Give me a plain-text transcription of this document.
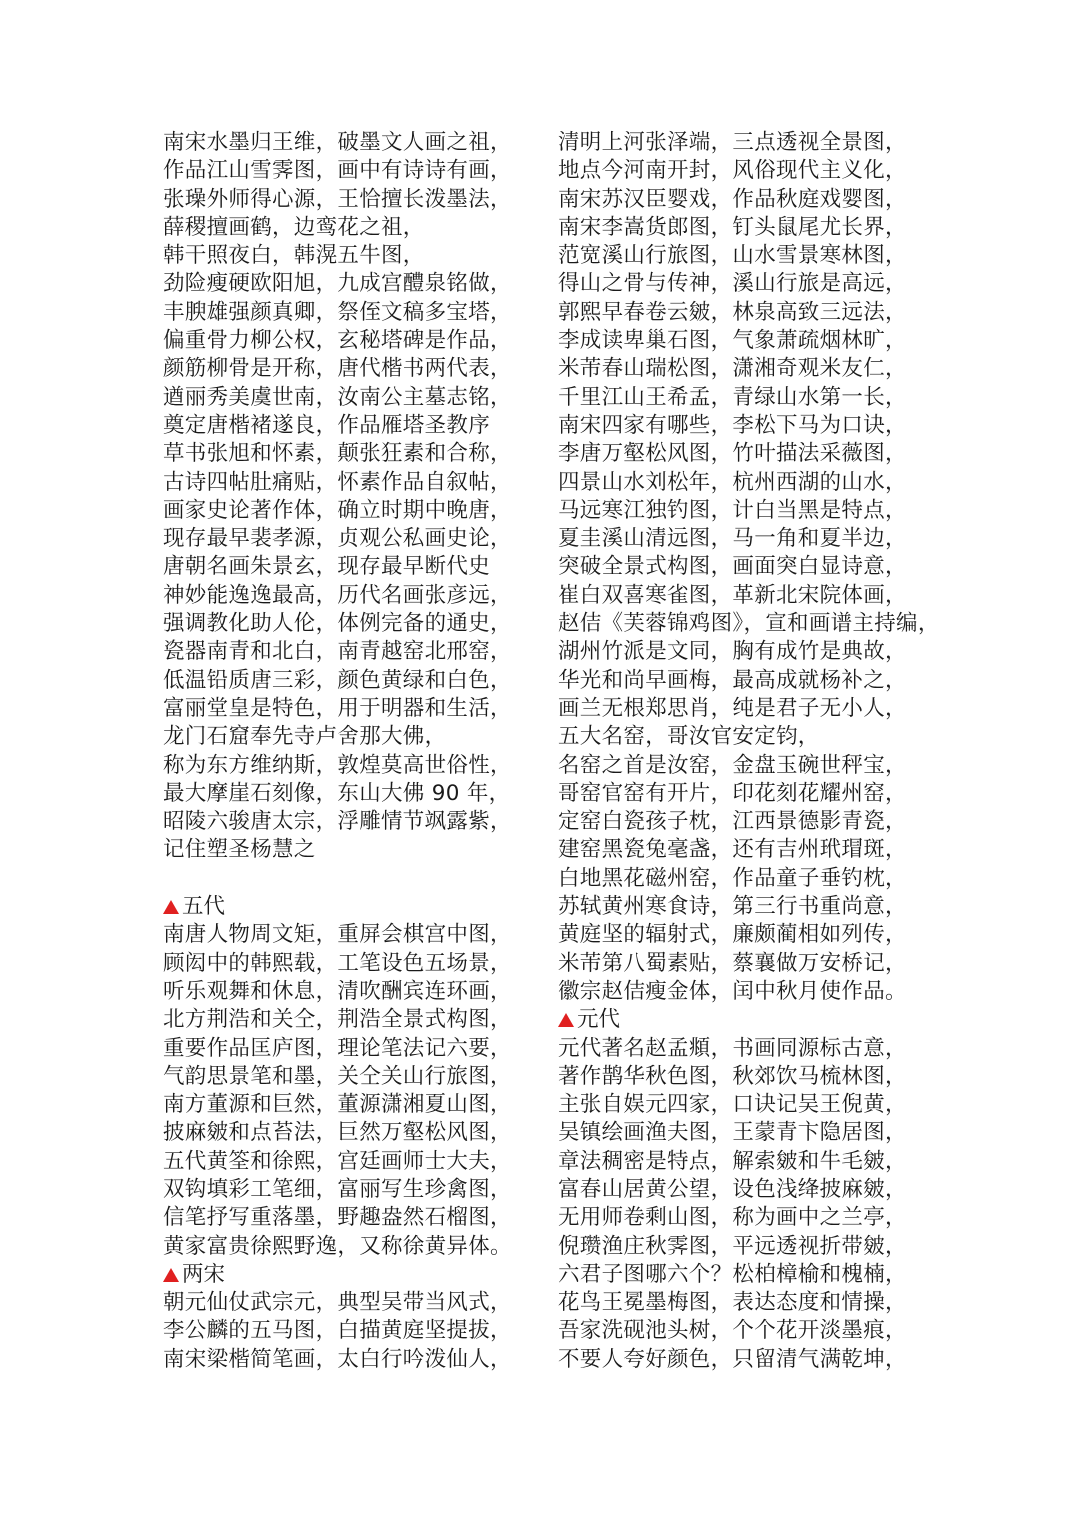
南宋水墨归王维，破墨文人画之祖，
作品江山雪霁图，画中有诗诗有画，
张璪外师得心源，王恰擅长泼墨法，
薛稷擅画鹤，边鸾花之祖，
韩干照夜白，韩滉五牛图，
劲险瘦硬欧阳旭，九成宫醴泉铭做，
丰腴雄强颜真卿，祭侄文稿多宝塔，
偏重骨力柳公权，玄秘塔碑是作品，
颜筋柳骨是开称，唐代楷书两代表，
遒丽秀美虞世南，汝南公主墓志铭，
奠定唐楷褚遂良，作品雁塔圣教序
草书张旭和怀素，颠张狂素和合称，
古诗四帖肚痛贴，怀素作品自叙帖，
画家史论著作体，确立时期中晚唐，
现存最早裴孝源，贞观公私画史论，
唐朝名画朱景玄，现存最早断代史
神妙能逸逸最高，历代名画张彦远，
强调教化助人伦，体例完备的通史，
瓷器南青和北白，南青越窑北邢窑，
低温铅质唐三彩，颜色黄绿和白色，
富丽堂皇是特色，用于明器和生活，
龙门石窟奉先寺卢舍那大佛，
称为东方维纳斯，敦煌莫高世俗性，
最大摩崖石刻像，东山大佛 90 年，
昭陵六骏唐太宗，浮雕情节飒露紫，
记住塑圣杨慧之
五代
南唐人物周文矩，重屏会棋宫中图，
顾闳中的韩熙载，工笔设色五场景，
听乐观舞和休息，清吹酬宾连环画，
北方荆浩和关仝，荆浩全景式构图，
重要作品匡庐图，理论笔法记六要，
气韵思景笔和墨，关仝关山行旅图，
南方董源和巨然，董源潇湘夏山图，
披麻皴和点苔法，巨然万壑松风图，
五代黄筌和徐熙，宫廷画师士大夫，
双钩填彩工笔细，富丽写生珍禽图，
信笔抒写重落墨，野趣盎然石榴图，
黄家富贵徐熙野逸，又称徐黄异体。
两宋
朝元仙仗武宗元，典型吴带当风式，
李公麟的五马图，白描黄庭坚提拔，
南宋梁楷简笔画，太白行吟泼仙人，
清明上河张泽端，三点透视全景图，
地点今河南开封，风俗现代主义化，
南宋苏汉臣婴戏，作品秋庭戏婴图，
南宋李嵩货郎图，钉头鼠尾尤长界，
范宽溪山行旅图，山水雪景寒林图，
得山之骨与传神，溪山行旅是高远，
郭熙早春卷云皴，林泉高致三远法，
李成读卑巢石图，气象萧疏烟林旷，
米芾春山瑞松图，潇湘奇观米友仁，
千里江山王希孟，青绿山水第一长，
南宋四家有哪些，李松下马为口诀，
李唐万壑松风图，竹叶描法采薇图，
四景山水刘松年，杭州西湖的山水，
马远寒江独钓图，计白当黑是特点，
夏圭溪山清远图，马一角和夏半边，
突破全景式构图，画面突白显诗意，
崔白双喜寒雀图，革新北宋院体画，
赵佶《芙蓉锦鸡图》，宣和画谱主持编，
湖州竹派是文同，胸有成竹是典故，
华光和尚早画梅，最高成就杨补之，
画兰无根郑思肖，纯是君子无小人，
五大名窑，哥汝官安定钧，
名窑之首是汝窑，金盘玉碗世秤宝，
哥窑官窑有开片，印花刻花耀州窑，
定窑白瓷孩子枕，江西景德影青瓷，
建窑黑瓷兔毫盏，还有吉州玳瑁斑，
白地黑花磁州窑，作品童子垂钓枕，
苏轼黄州寒食诗，第三行书重尚意，
黄庭坚的辐射式，廉颇蔺相如列传，
米芾第八蜀素贴，蔡襄做万安桥记，
徽宗赵佶瘦金体，闰中秋月使作品。
元代
元代著名赵孟頫，书画同源标古意，
著作鹊华秋色图，秋郊饮马梳林图，
主张自娱元四家，口诀记吴王倪黄，
吴镇绘画渔夫图，王蒙青卞隐居图，
章法稠密是特点，解索皴和牛毛皴，
富春山居黄公望，设色浅绛披麻皴，
无用师卷剩山图，称为画中之兰亭，
倪瓒渔庄秋霁图，平远透视折带皴，
六君子图哪六个？松柏樟榆和槐楠，
花鸟王冕墨梅图，表达态度和情操，
吾家洗砚池头树，个个花开淡墨痕，
不要人夸好颜色，只留清气满乾坤，
